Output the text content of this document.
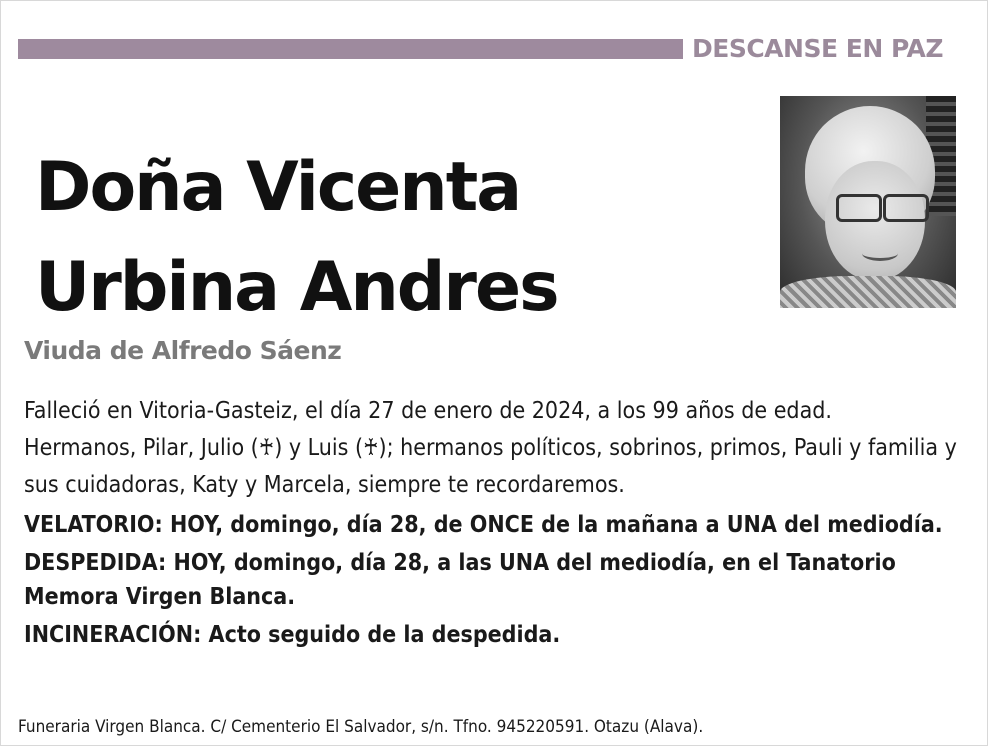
DESCANSE EN PAZ
Doña Vicenta
Urbina Andres
Viuda de Alfredo Sáenz

Falleció en Vitoria-Gasteiz, el día 27 de enero de 2024, a los 99 años de edad.

Hermanos, Pilar, Julio (♰) y Luis (♰); hermanos políticos, sobrinos, primos, Pauli y familia y sus cuidadoras, Katy y Marcela, siempre te recordaremos.

VELATORIO: HOY, domingo, día 28, de ONCE de la mañana a UNA del mediodía.

DESPEDIDA: HOY, domingo, día 28, a las UNA del mediodía, en el Tanatorio Memora Virgen Blanca.

INCINERACIÓN: Acto seguido de la despedida.

Funeraria Virgen Blanca. C/ Cementerio El Salvador, s/n. Tfno. 945220591. Otazu (Alava).
